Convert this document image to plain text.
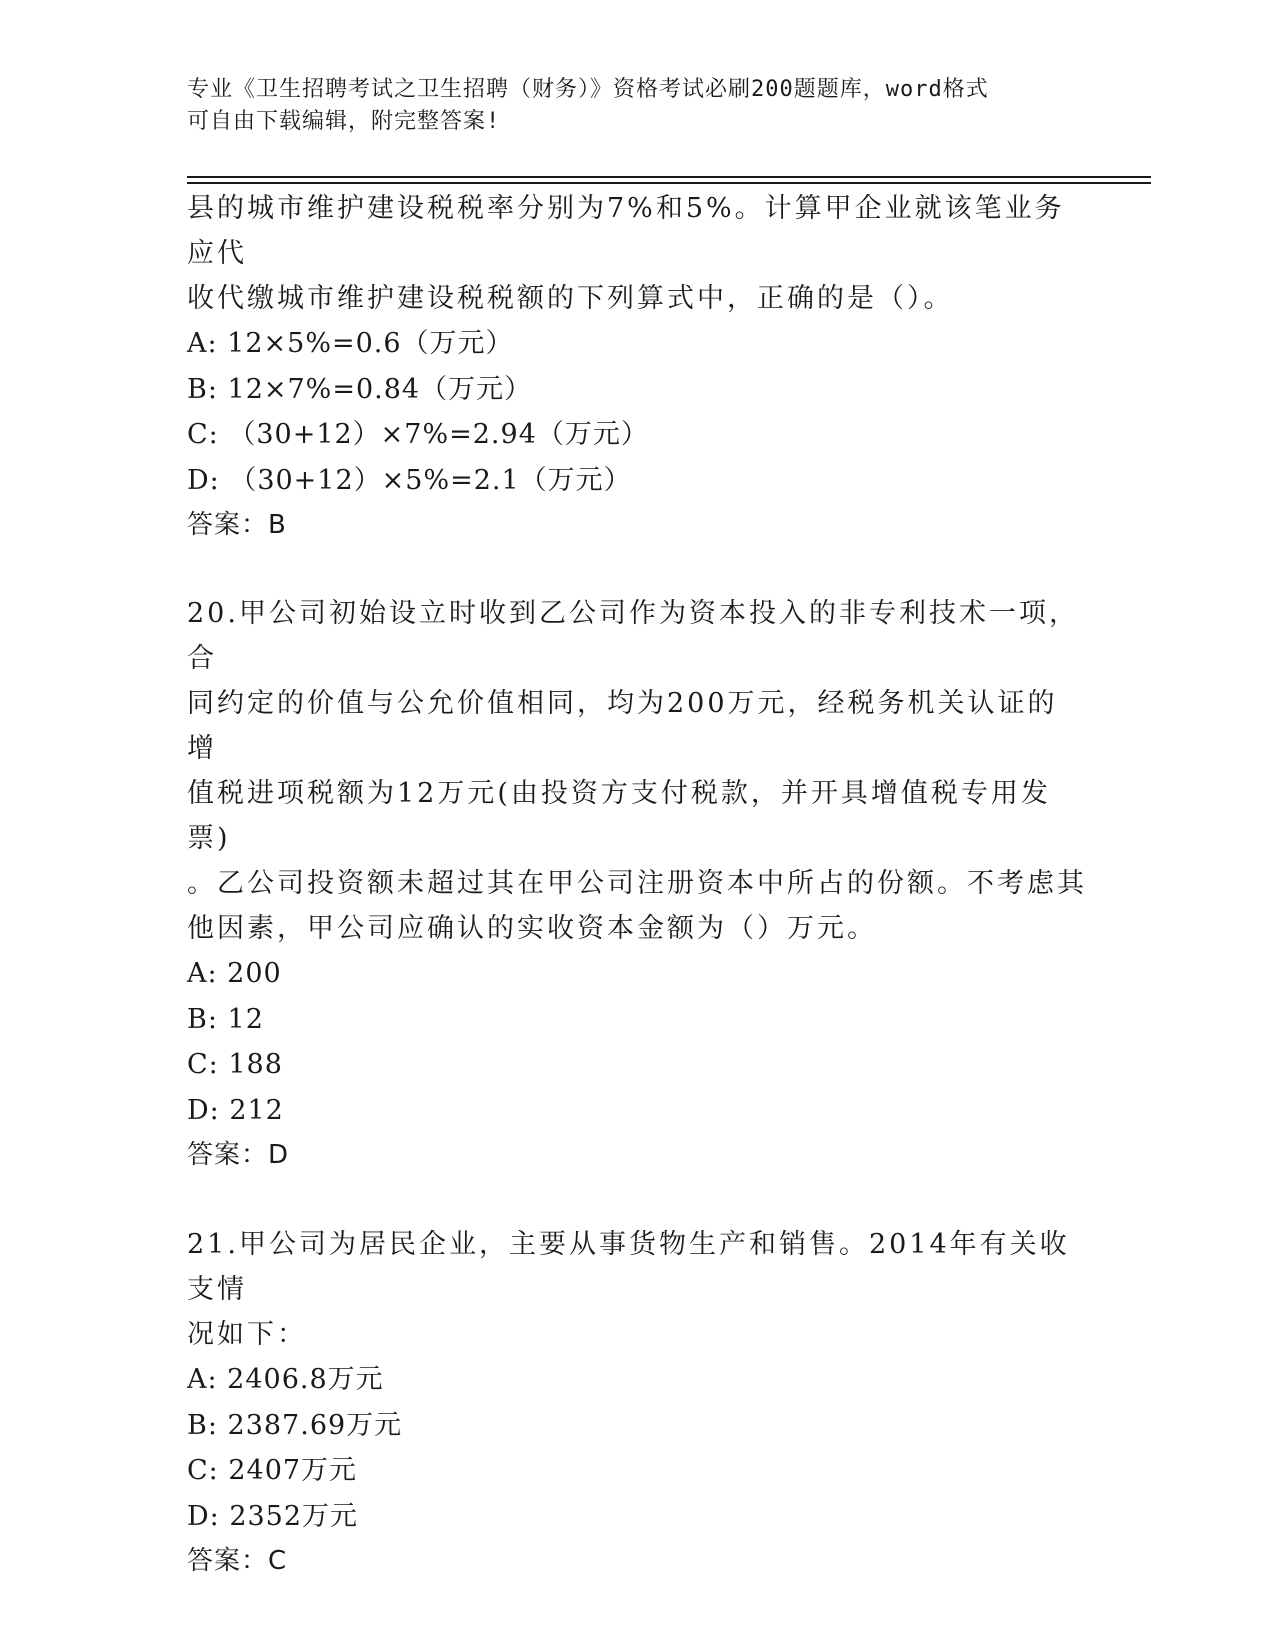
专业《卫生招聘考试之卫生招聘（财务）》资格考试必刷200题题库，word格式
可自由下载编辑，附完整答案!

县的城市维护建设税税率分别为7%和5%。计算甲企业就该笔业务应代

收代缴城市维护建设税税额的下列算式中，正确的是（）。

A: 12×5%=0.6（万元）

B: 12×7%=0.84（万元）

C: （30+12）×7%=2.94（万元）

D: （30+12）×5%=2.1（万元）

答案：B

20.甲公司初始设立时收到乙公司作为资本投入的非专利技术一项，合

同约定的价值与公允价值相同，均为200万元，经税务机关认证的增

值税进项税额为12万元(由投资方支付税款，并开具增值税专用发票)

。乙公司投资额未超过其在甲公司注册资本中所占的份额。不考虑其

他因素，甲公司应确认的实收资本金额为（）万元。

A: 200

B: 12

C: 188

D: 212

答案：D

21.甲公司为居民企业，主要从事货物生产和销售。2014年有关收支情

况如下：

A: 2406.8万元

B: 2387.69万元

C: 2407万元

D: 2352万元

答案：C
